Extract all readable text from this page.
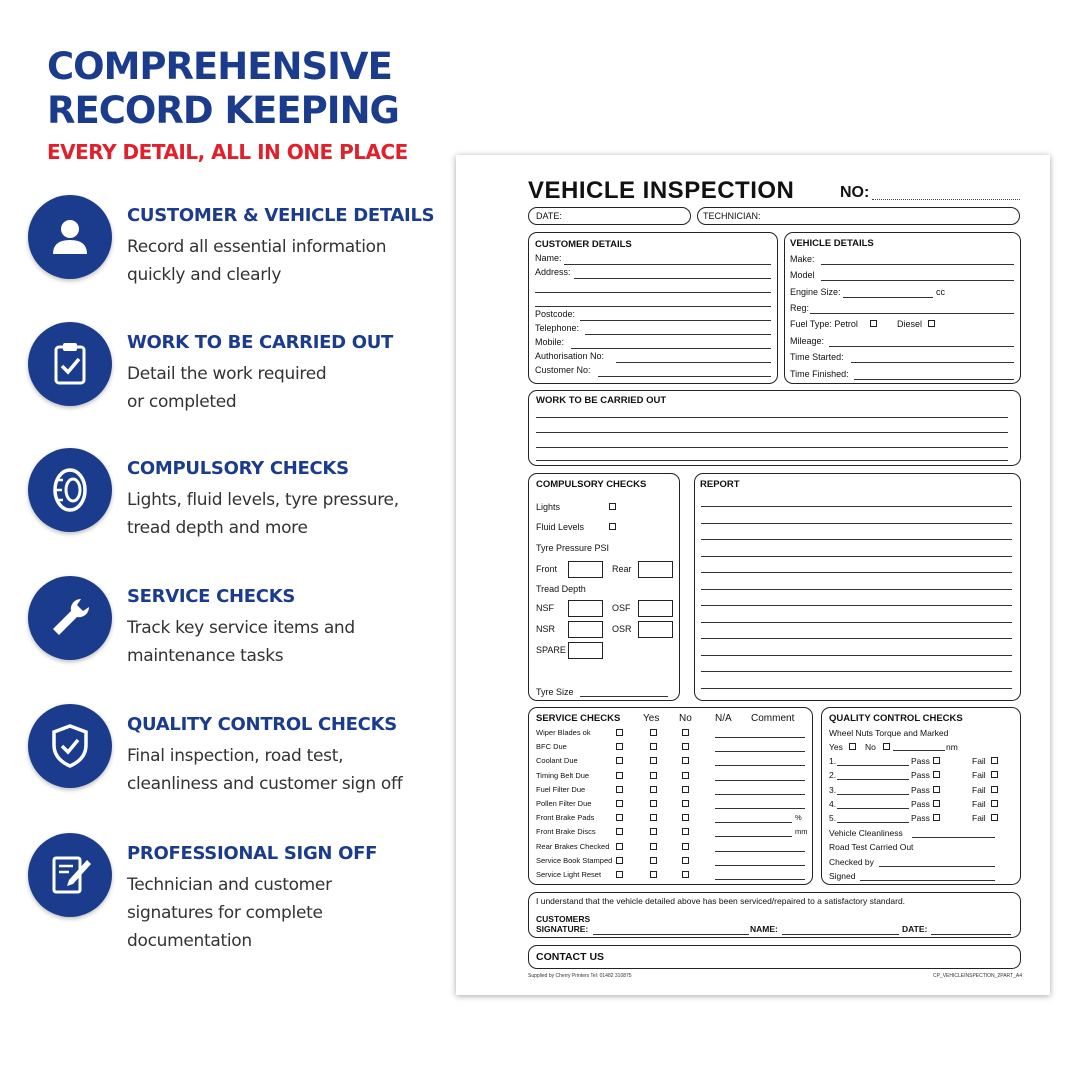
COMPREHENSIVE
RECORD KEEPING
EVERY DETAIL, ALL IN ONE PLACE
CUSTOMER & VEHICLE DETAILS
Record all essential information
quickly and clearly
WORK TO BE CARRIED OUT
Detail the work required
or completed
COMPULSORY CHECKS
Lights, fluid levels, tyre pressure,
tread depth and more
SERVICE CHECKS
Track key service items and
maintenance tasks
QUALITY CONTROL CHECKS
Final inspection, road test,
cleanliness and customer sign off
PROFESSIONAL SIGN OFF
Technician and customer
signatures for complete
documentation
VEHICLE INSPECTION	NO:
DATE:	TECHNICIAN:
CUSTOMER DETAILS
Name:
Address:
Postcode:
Telephone:
Mobile:
Authorisation No:
Customer No:
VEHICLE DETAILS
Make:
Model
Engine Size:	cc
Reg:
Fuel Type: Petrol	Diesel
Mileage:
Time Started:
Time Finished:
WORK TO BE CARRIED OUT
COMPULSORY CHECKS
Lights
Fluid Levels
Tyre Pressure PSI
Front	Rear
Tread Depth
NSF	OSF
NSR	OSR
SPARE
Tyre Size
REPORT
SERVICE CHECKS Yes No N/A Comment
Wiper Blades ok
BFC Due
Coolant Due
Timing Belt Due
Fuel Filter Due
Pollen Filter Due
Front Brake Pads	%
Front Brake Discs	mm
Rear Brakes Checked
Service Book Stamped
Service Light Reset
QUALITY CONTROL CHECKS
Wheel Nuts Torque and Marked
Yes	No	nm
1.	Pass	Fail
2.	Pass	Fail
3.	Pass	Fail
4.	Pass	Fail
5.	Pass	Fail
Vehicle Cleanliness
Road Test Carried Out
Checked by
Signed
I understand that the vehicle detailed above has been serviced/repaired to a satisfactory standard.
CUSTOMERS
SIGNATURE:	NAME:	DATE:
CONTACT US
Supplied by Cherry Printers Tel: 01482 310875	CP_VEHICLEINSPECTION_2PART_A4
